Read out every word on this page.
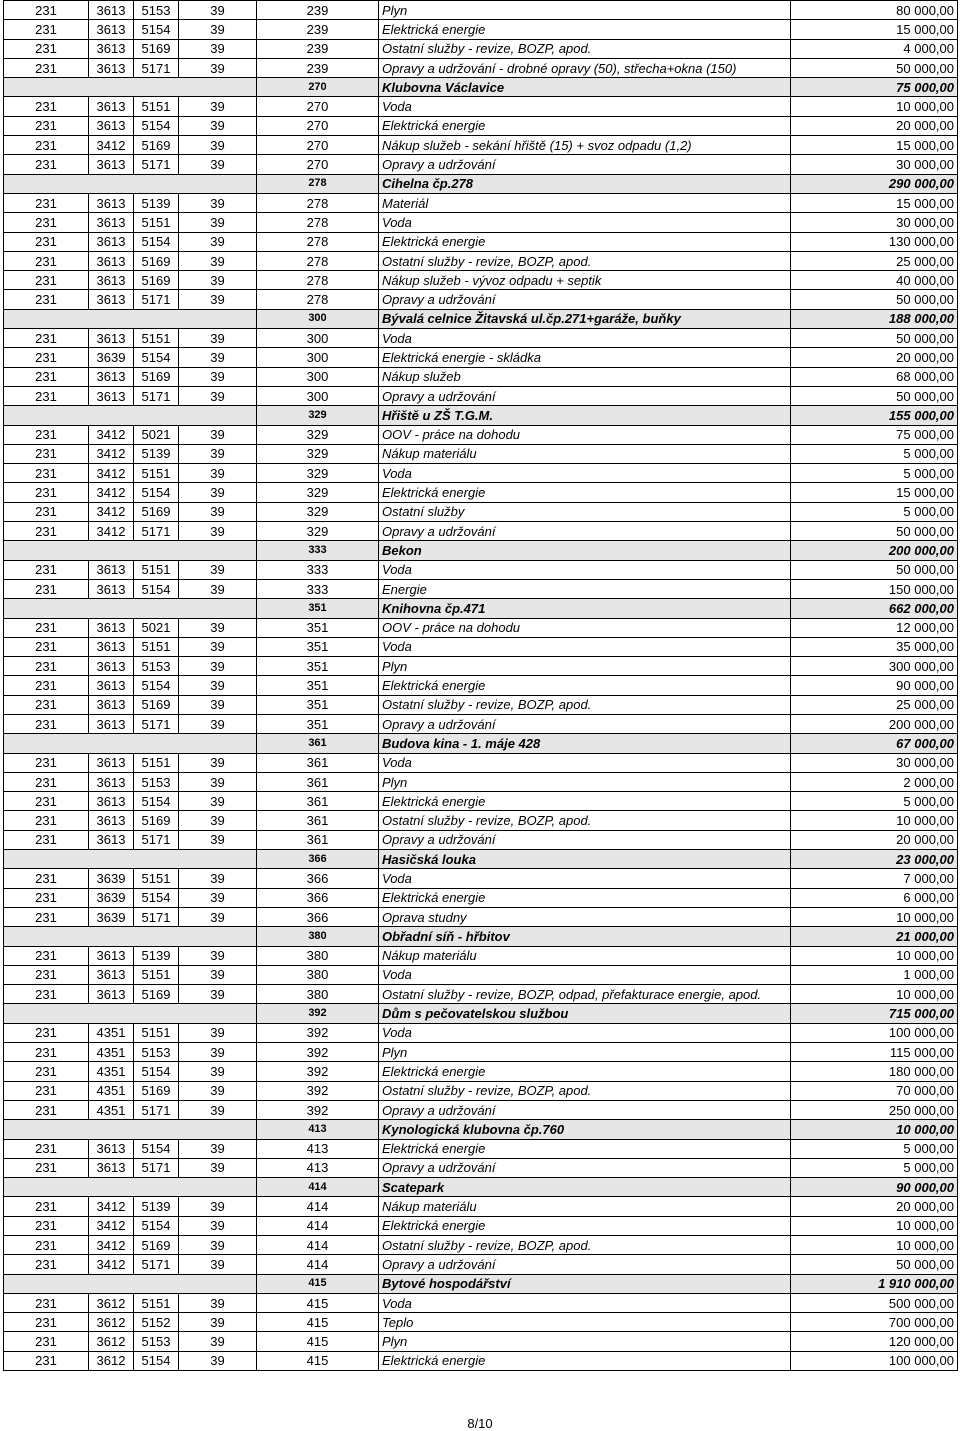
231	3613	5153	39	239	Plyn	80 000,00
231	3613	5154	39	239	Elektrická energie	15 000,00
231	3613	5169	39	239	Ostatní služby - revize, BOZP, apod.	4 000,00
231	3613	5171	39	239	Opravy a udržování - drobné opravy (50), střecha+okna (150)	50 000,00
				270	Klubovna Václavice	75 000,00
231	3613	5151	39	270	Voda	10 000,00
231	3613	5154	39	270	Elektrická energie	20 000,00
231	3412	5169	39	270	Nákup služeb - sekání hřiště (15) + svoz odpadu (1,2)	15 000,00
231	3613	5171	39	270	Opravy a udržování	30 000,00
				278	Cihelna čp.278	290 000,00
231	3613	5139	39	278	Materiál	15 000,00
231	3613	5151	39	278	Voda	30 000,00
231	3613	5154	39	278	Elektrická energie	130 000,00
231	3613	5169	39	278	Ostatní služby - revize, BOZP, apod.	25 000,00
231	3613	5169	39	278	Nákup služeb - vývoz odpadu + septik	40 000,00
231	3613	5171	39	278	Opravy a udržování	50 000,00
				300	Bývalá celnice Žitavská ul.čp.271+garáže, buňky	188 000,00
231	3613	5151	39	300	Voda	50 000,00
231	3639	5154	39	300	Elektrická energie - skládka	20 000,00
231	3613	5169	39	300	Nákup služeb	68 000,00
231	3613	5171	39	300	Opravy a udržování	50 000,00
				329	Hřiště u ZŠ T.G.M.	155 000,00
231	3412	5021	39	329	OOV - práce na dohodu	75 000,00
231	3412	5139	39	329	Nákup materiálu	5 000,00
231	3412	5151	39	329	Voda	5 000,00
231	3412	5154	39	329	Elektrická energie	15 000,00
231	3412	5169	39	329	Ostatní služby	5 000,00
231	3412	5171	39	329	Opravy a udržování	50 000,00
				333	Bekon	200 000,00
231	3613	5151	39	333	Voda	50 000,00
231	3613	5154	39	333	Energie	150 000,00
				351	Knihovna čp.471	662 000,00
231	3613	5021	39	351	OOV - práce na dohodu	12 000,00
231	3613	5151	39	351	Voda	35 000,00
231	3613	5153	39	351	Plyn	300 000,00
231	3613	5154	39	351	Elektrická energie	90 000,00
231	3613	5169	39	351	Ostatní služby - revize, BOZP, apod.	25 000,00
231	3613	5171	39	351	Opravy a udržování	200 000,00
				361	Budova kina - 1. máje 428	67 000,00
231	3613	5151	39	361	Voda	30 000,00
231	3613	5153	39	361	Plyn	2 000,00
231	3613	5154	39	361	Elektrická energie	5 000,00
231	3613	5169	39	361	Ostatní služby - revize, BOZP, apod.	10 000,00
231	3613	5171	39	361	Opravy a udržování	20 000,00
				366	Hasičská louka	23 000,00
231	3639	5151	39	366	Voda	7 000,00
231	3639	5154	39	366	Elektrická energie	6 000,00
231	3639	5171	39	366	Oprava studny	10 000,00
				380	Obřadní síň - hřbitov	21 000,00
231	3613	5139	39	380	Nákup materiálu	10 000,00
231	3613	5151	39	380	Voda	1 000,00
231	3613	5169	39	380	Ostatní služby - revize, BOZP, odpad, přefakturace energie, apod.	10 000,00
				392	Dům s pečovatelskou službou	715 000,00
231	4351	5151	39	392	Voda	100 000,00
231	4351	5153	39	392	Plyn	115 000,00
231	4351	5154	39	392	Elektrická energie	180 000,00
231	4351	5169	39	392	Ostatní služby - revize, BOZP, apod.	70 000,00
231	4351	5171	39	392	Opravy a udržování	250 000,00
				413	Kynologická klubovna čp.760	10 000,00
231	3613	5154	39	413	Elektrická energie	5 000,00
231	3613	5171	39	413	Opravy a udržování	5 000,00
				414	Scatepark	90 000,00
231	3412	5139	39	414	Nákup materiálu	20 000,00
231	3412	5154	39	414	Elektrická energie	10 000,00
231	3412	5169	39	414	Ostatní služby - revize, BOZP, apod.	10 000,00
231	3412	5171	39	414	Opravy a udržování	50 000,00
				415	Bytové hospodářství	1 910 000,00
231	3612	5151	39	415	Voda	500 000,00
231	3612	5152	39	415	Teplo	700 000,00
231	3612	5153	39	415	Plyn	120 000,00
231	3612	5154	39	415	Elektrická energie	100 000,00
8/10
